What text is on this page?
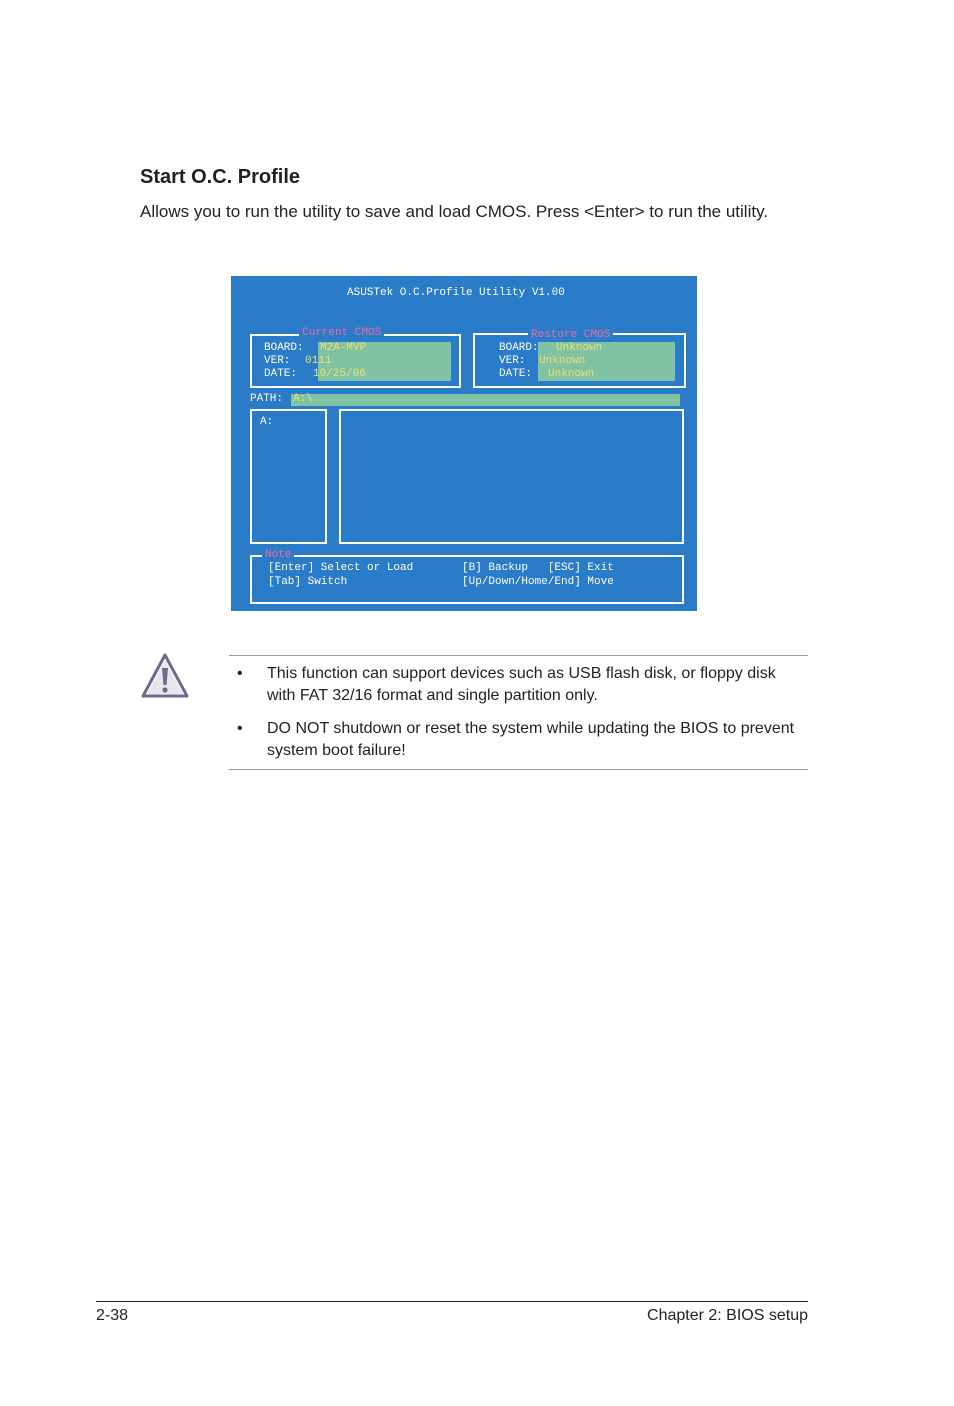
Start O.C. Profile
Allows you to run the utility to save and load CMOS. Press <Enter> to run the utility.
ASUSTek O.C.Profile Utility V1.00
Current CMOS
BOARD: M2A-MVP
VER: 0111
DATE: 10/25/06
Restore CMOS
BOARD: Unknown
VER: Unknown
DATE: Unknown
PATH: A:\
A:
Note
[Enter] Select or Load	[B] Backup   [ESC] Exit
[Tab] Switch	[Up/Down/Home/End] Move
• This function can support devices such as USB flash disk, or floppy disk with FAT 32/16 format and single partition only.
• DO NOT shutdown or reset the system while updating the BIOS to prevent system boot failure!
2-38	Chapter 2: BIOS setup
